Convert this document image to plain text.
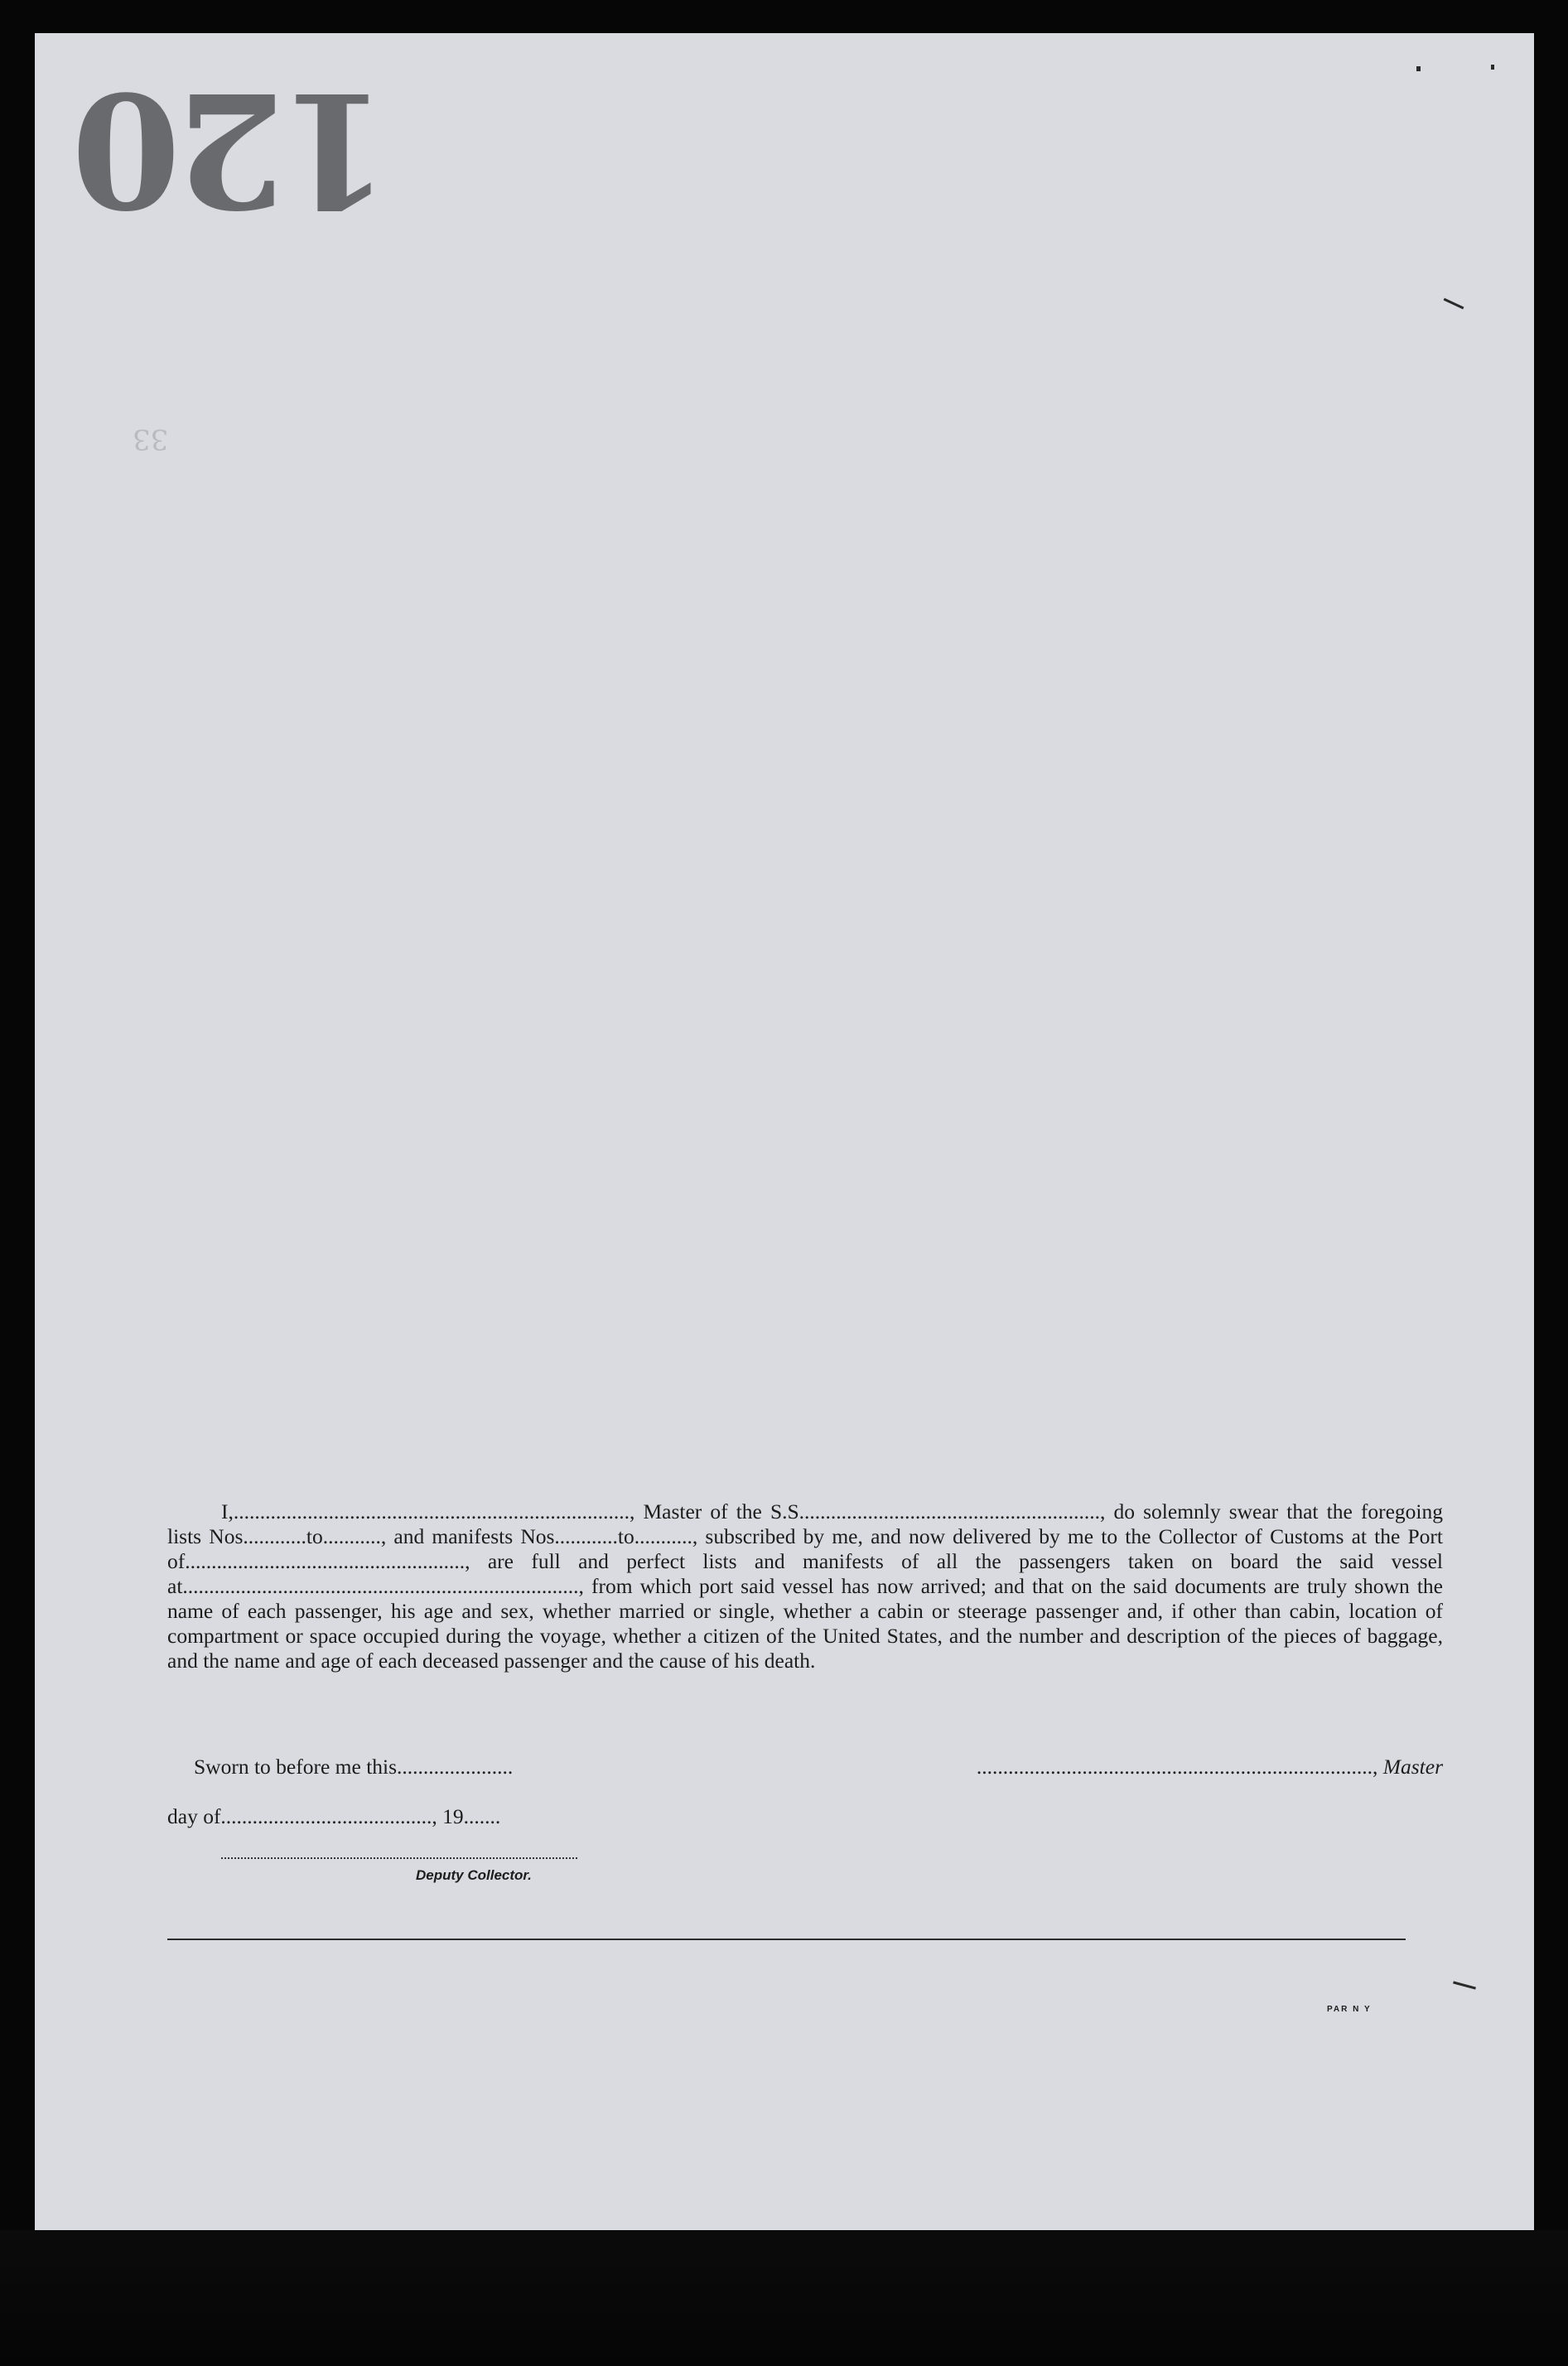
120
33

I,..........................................................................., Master of the S.S........................................................., do solemnly swear that the foregoing lists Nos............to..........., and manifests Nos............to..........., subscribed by me, and now delivered by me to the Collector of Customs at the Port of....................................................., are full and perfect lists and manifests of all the passengers taken on board the said vessel at..........................................................................., from which port said vessel has now arrived; and that on the said documents are truly shown the name of each passenger, his age and sex, whether married or single, whether a cabin or steerage passenger and, if other than cabin, location of compartment or space occupied during the voyage, whether a citizen of the United States, and the number and description of the pieces of baggage, and the name and age of each deceased passenger and the cause of his death.

Sworn to before me this......................	..........................................................................., Master
day of........................................, 19.......
Deputy Collector.
PAR N Y
